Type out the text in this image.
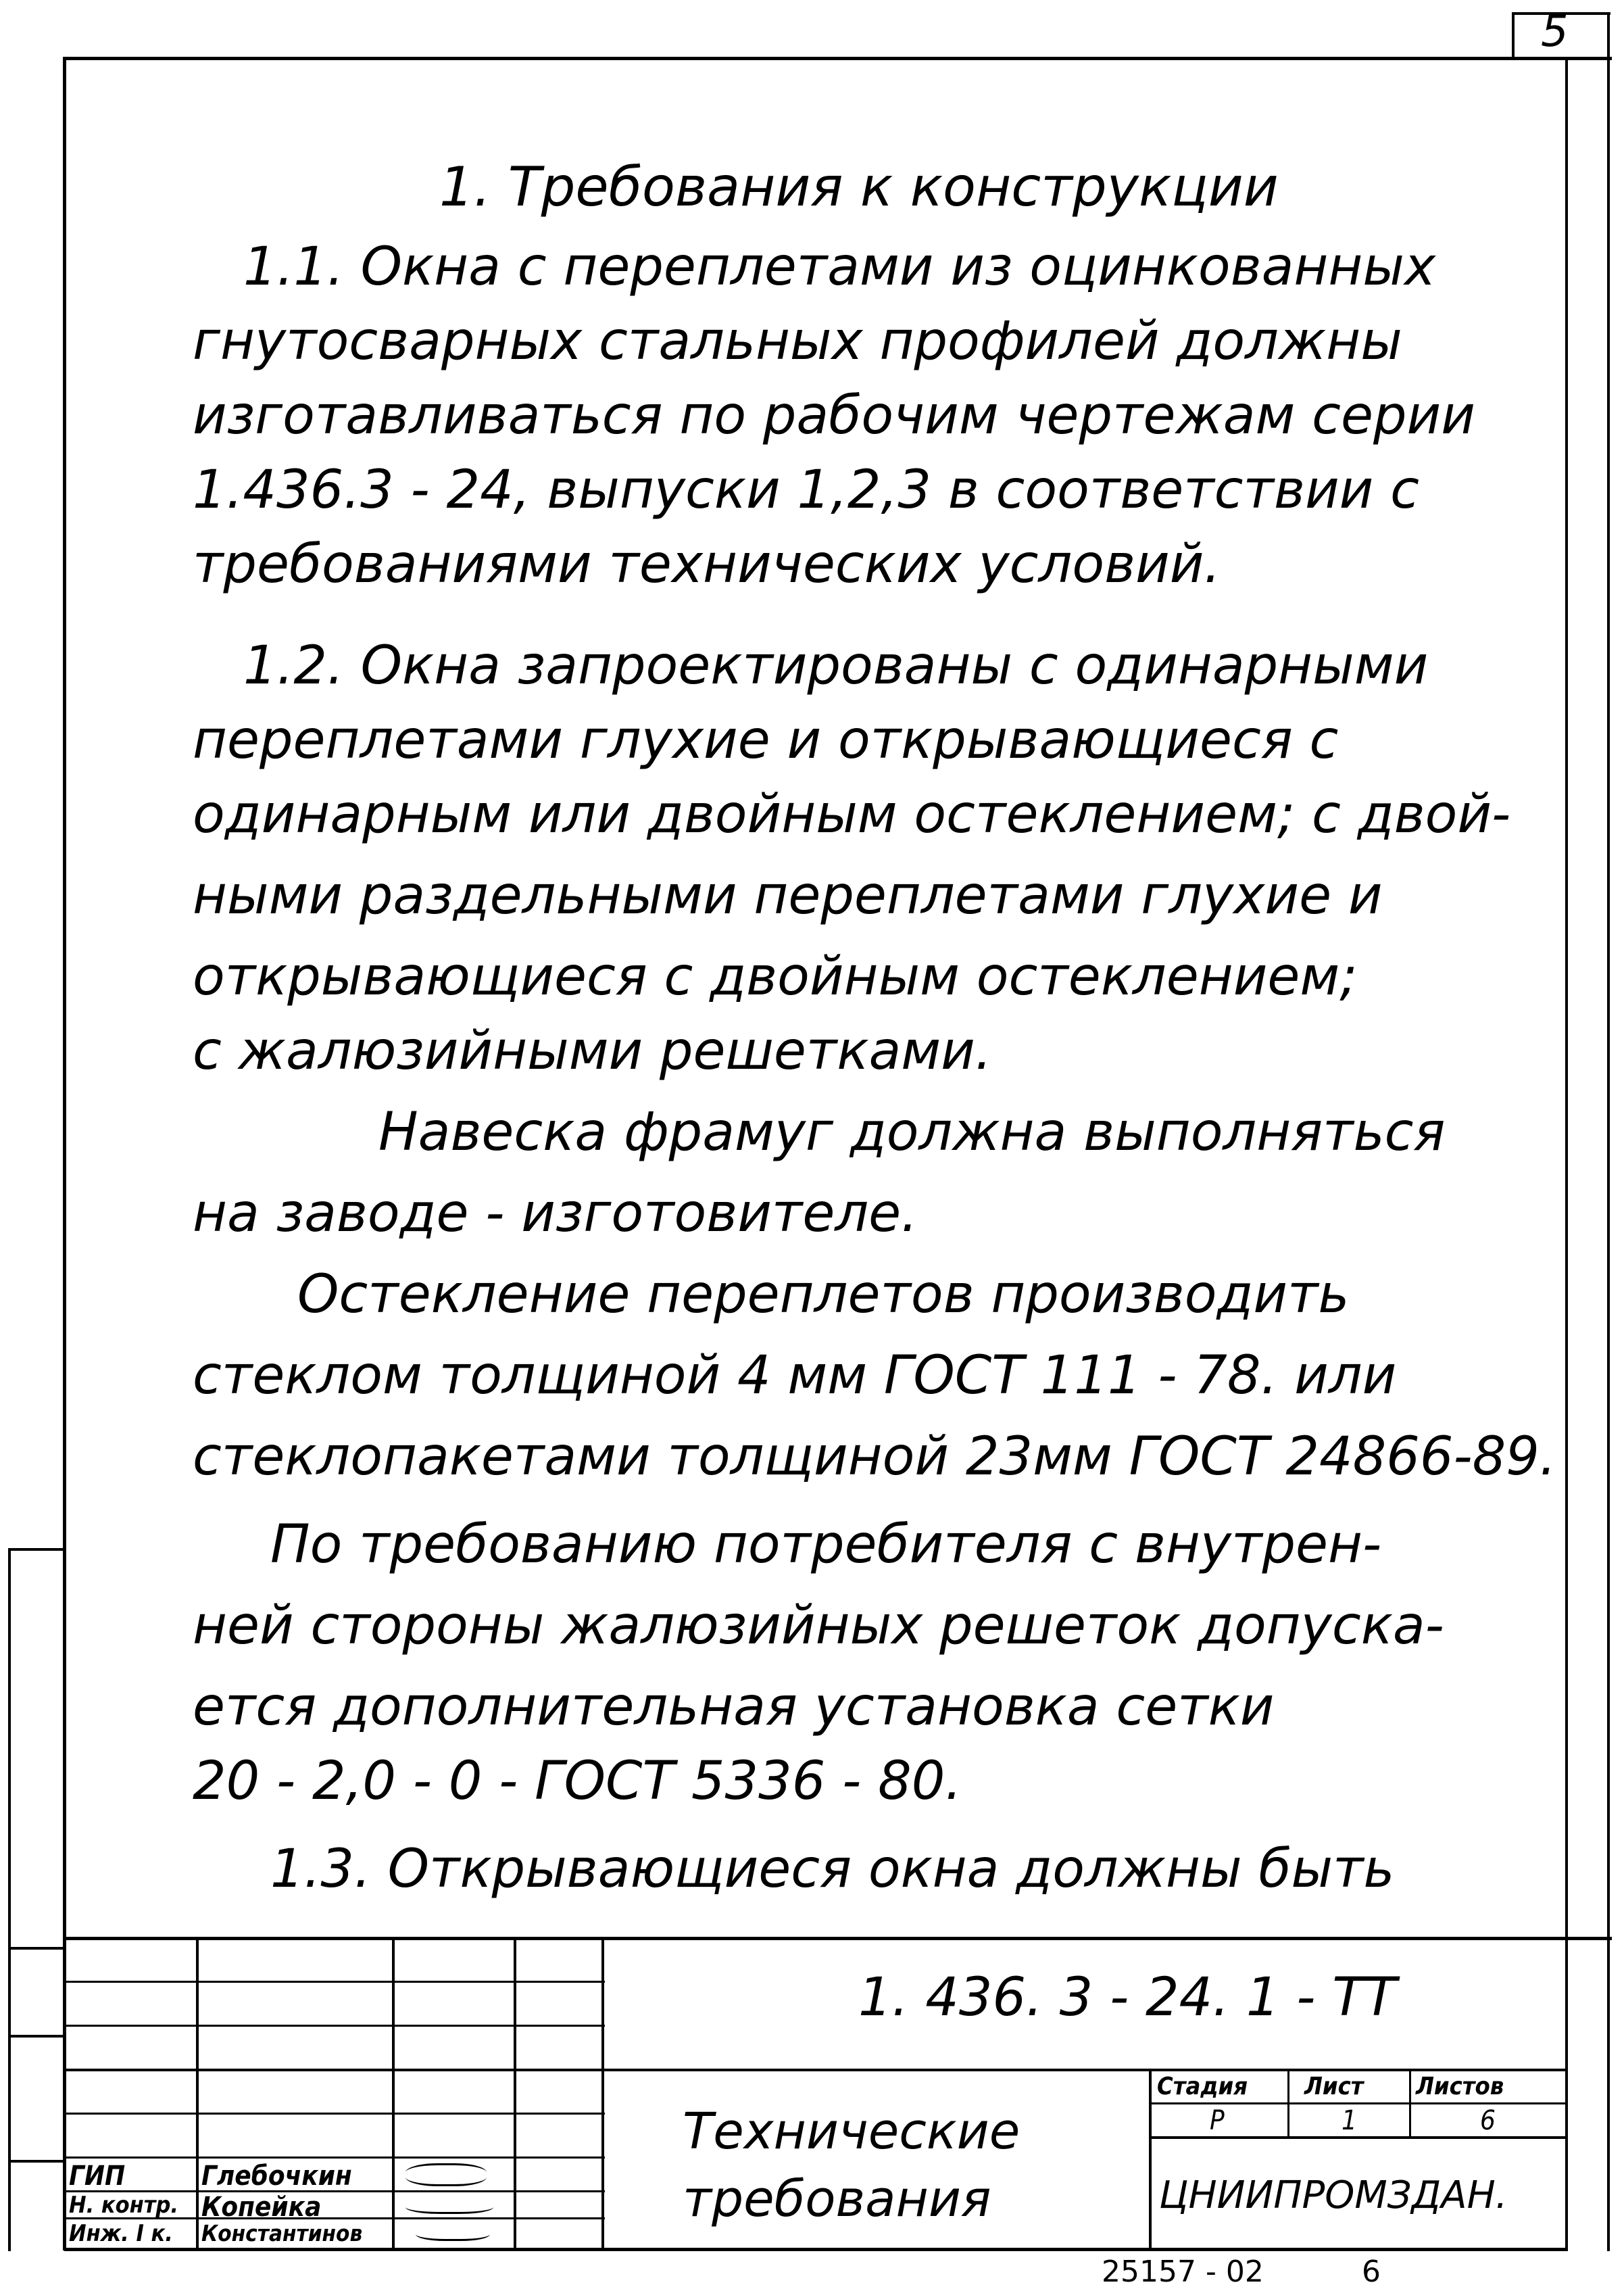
5
1. Требования к конструкции
1.1. Окна с переплетами из оцинкованных
гнутосварных стальных профилей должны
изготавливаться по рабочим чертежам серии
1.436.3 - 24, выпуски 1,2,3 в соответствии с
требованиями технических условий.
1.2. Окна запроектированы с одинарными
переплетами глухие и открывающиеся с
одинарным или двойным остеклением; с двой-
ными раздельными переплетами глухие и
открывающиеся с двойным остеклением;
с жалюзийными решетками.
Навеска фрамуг должна выполняться
на заводе - изготовителе.
Остекление переплетов производить
стеклом толщиной 4 мм ГОСТ 111 - 78. или
стеклопакетами толщиной 23мм ГОСТ 24866-89.
По требованию потребителя с внутрен-
ней стороны жалюзийных решеток допуска-
ется дополнительная установка сетки
20 - 2,0 - 0 - ГОСТ 5336 - 80.
1.3. Открывающиеся окна должны быть
1. 436. 3 - 24. 1 - ТТ
Технические
требования
Стадия Лист Листов
Р	1	6
ЦНИИПРОМЗДАН.
ГИП	Глебочкин
Н. контр. Копейка
Инж. I к. Константинов
25157 - 02	6
